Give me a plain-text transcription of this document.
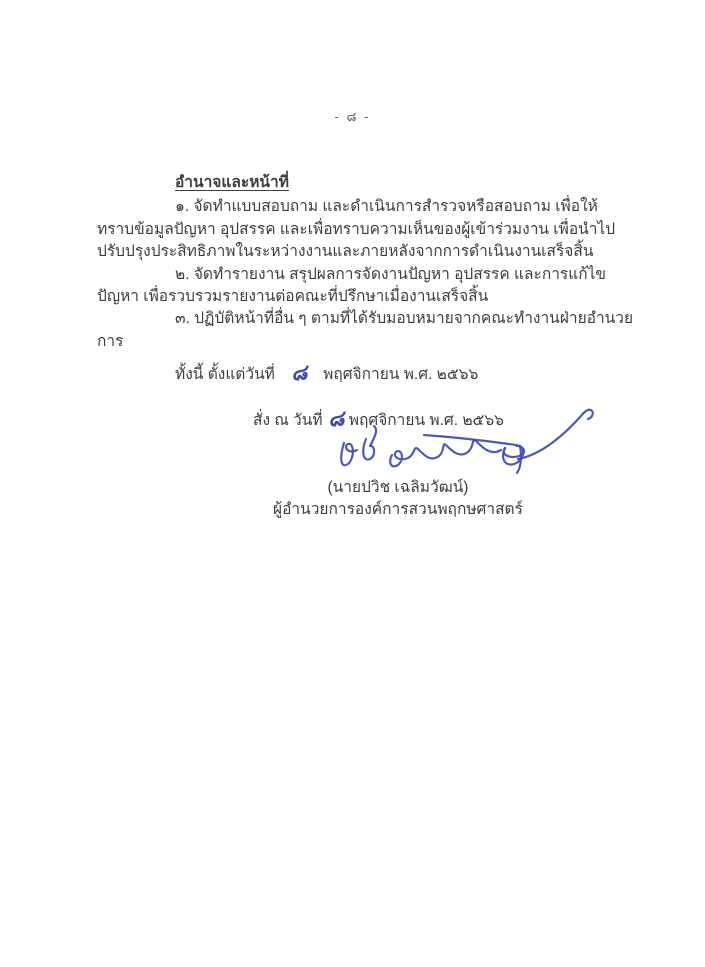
- ๘ -
อำนาจและหน้าที่

๑. จัดทำแบบสอบถาม และดำเนินการสำรวจหรือสอบถาม เพื่อให้ทราบข้อมูลปัญหา อุปสรรค และเพื่อทราบความเห็นของผู้เข้าร่วมงาน เพื่อนำไปปรับปรุงประสิทธิภาพในระหว่างงานและภายหลังจากการดำเนินงานเสร็จสิ้น

๒. จัดทำรายงาน สรุปผลการจัดงานปัญหา อุปสรรค และการแก้ไขปัญหา เพื่อรวบรวมรายงานต่อคณะที่ปรึกษาเมื่องานเสร็จสิ้น

๓. ปฏิบัติหน้าที่อื่น ๆ ตามที่ได้รับมอบหมายจากคณะทำงานฝ่ายอำนวยการ

ทั้งนี้ ตั้งแต่วันที่ ๘ พฤศจิกายน พ.ศ. ๒๕๖๖
สั่ง ณ วันที่ ๘ พฤศจิกายน พ.ศ. ๒๕๖๖
(นายปวิช เฉลิมวัฒน์)
ผู้อำนวยการองค์การสวนพฤกษศาสตร์
